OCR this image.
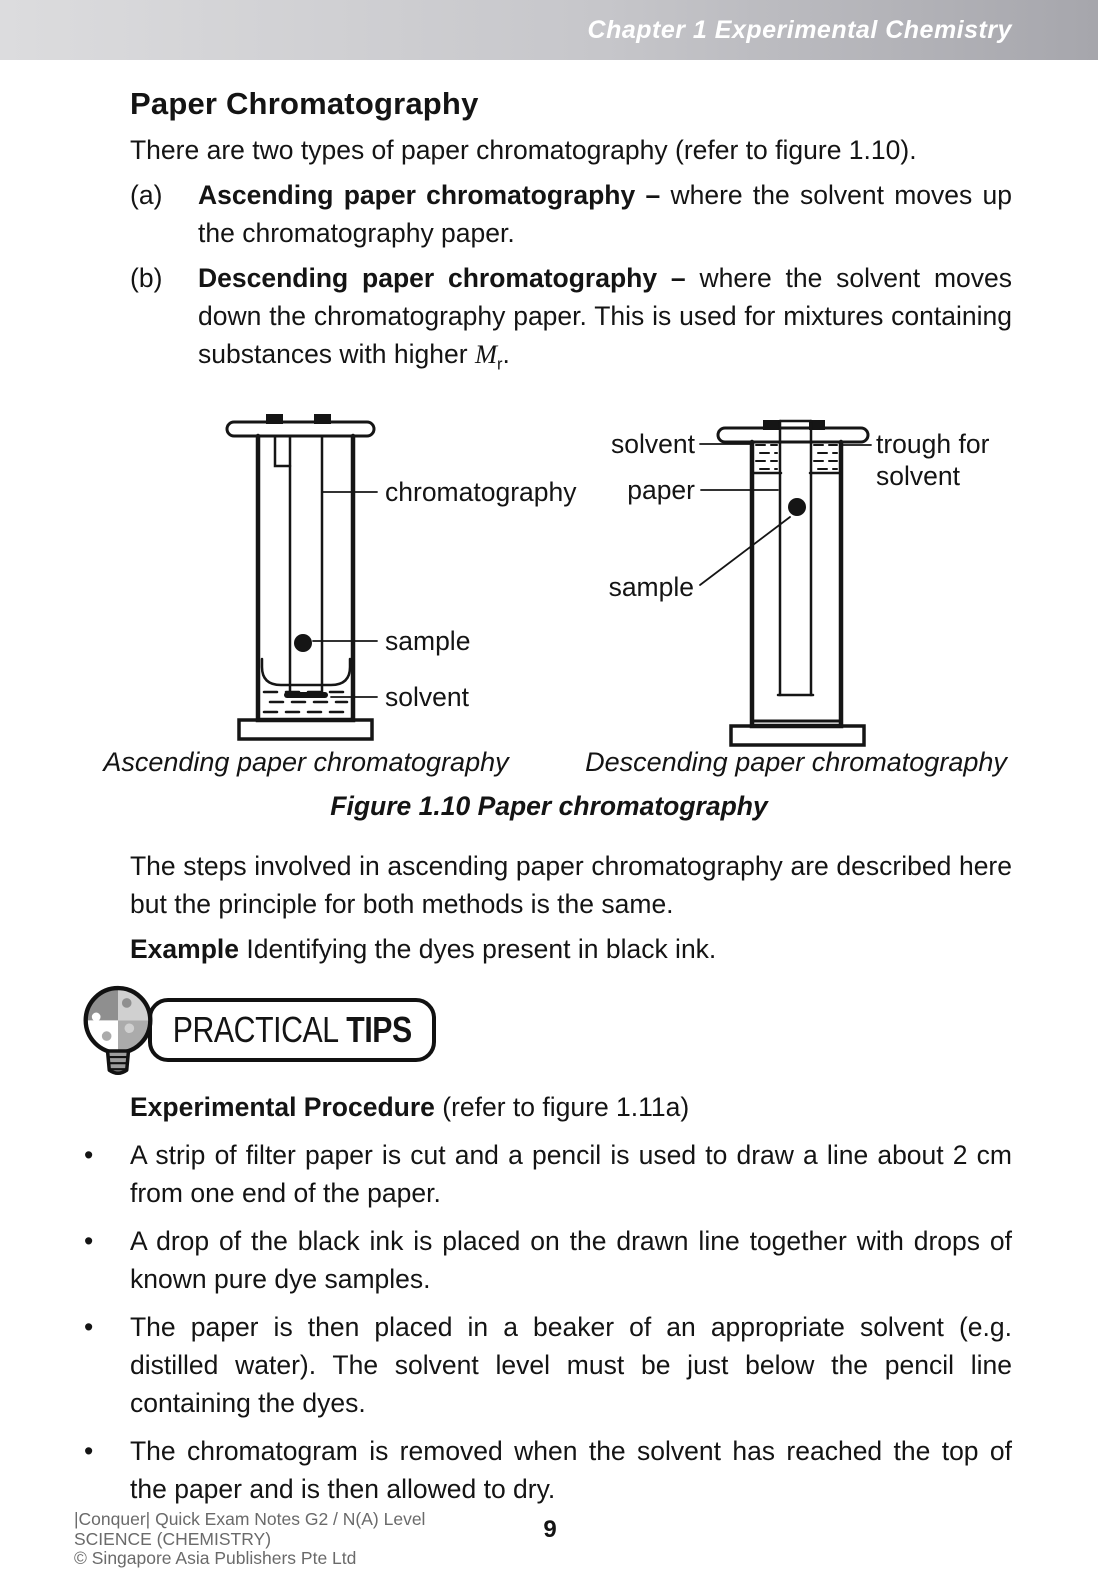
Chapter 1 Experimental Chemistry
Paper Chromatography

There are two types of paper chromatography (refer to figure 1.10).

(a)	Ascending paper chromatography – where the solvent moves up the chromatography paper.
(b)	Descending paper chromatography – where the solvent moves down the chromatography paper. This is used for mixtures containing substances with higher $M_r$.
chromatography
sample
solvent
solvent
paper
trough for
solvent
sample
Ascending paper chromatography	Descending paper chromatography
Figure 1.10 Paper chromatography

The steps involved in ascending paper chromatography are described here but the principle for both methods is the same.

Example Identifying the dyes present in black ink.

PRACTICAL TIPS

Experimental Procedure (refer to figure 1.11a)

•	A strip of filter paper is cut and a pencil is used to draw a line about 2 cm from one end of the paper.
•	A drop of the black ink is placed on the drawn line together with drops of known pure dye samples.
•	The paper is then placed in a beaker of an appropriate solvent (e.g. distilled water). The solvent level must be just below the pencil line containing the dyes.
•	The chromatogram is removed when the solvent has reached the top of the paper and is then allowed to dry.
|Conquer| Quick Exam Notes G2 / N(A) Level
SCIENCE (CHEMISTRY)
© Singapore Asia Publishers Pte Ltd
9
